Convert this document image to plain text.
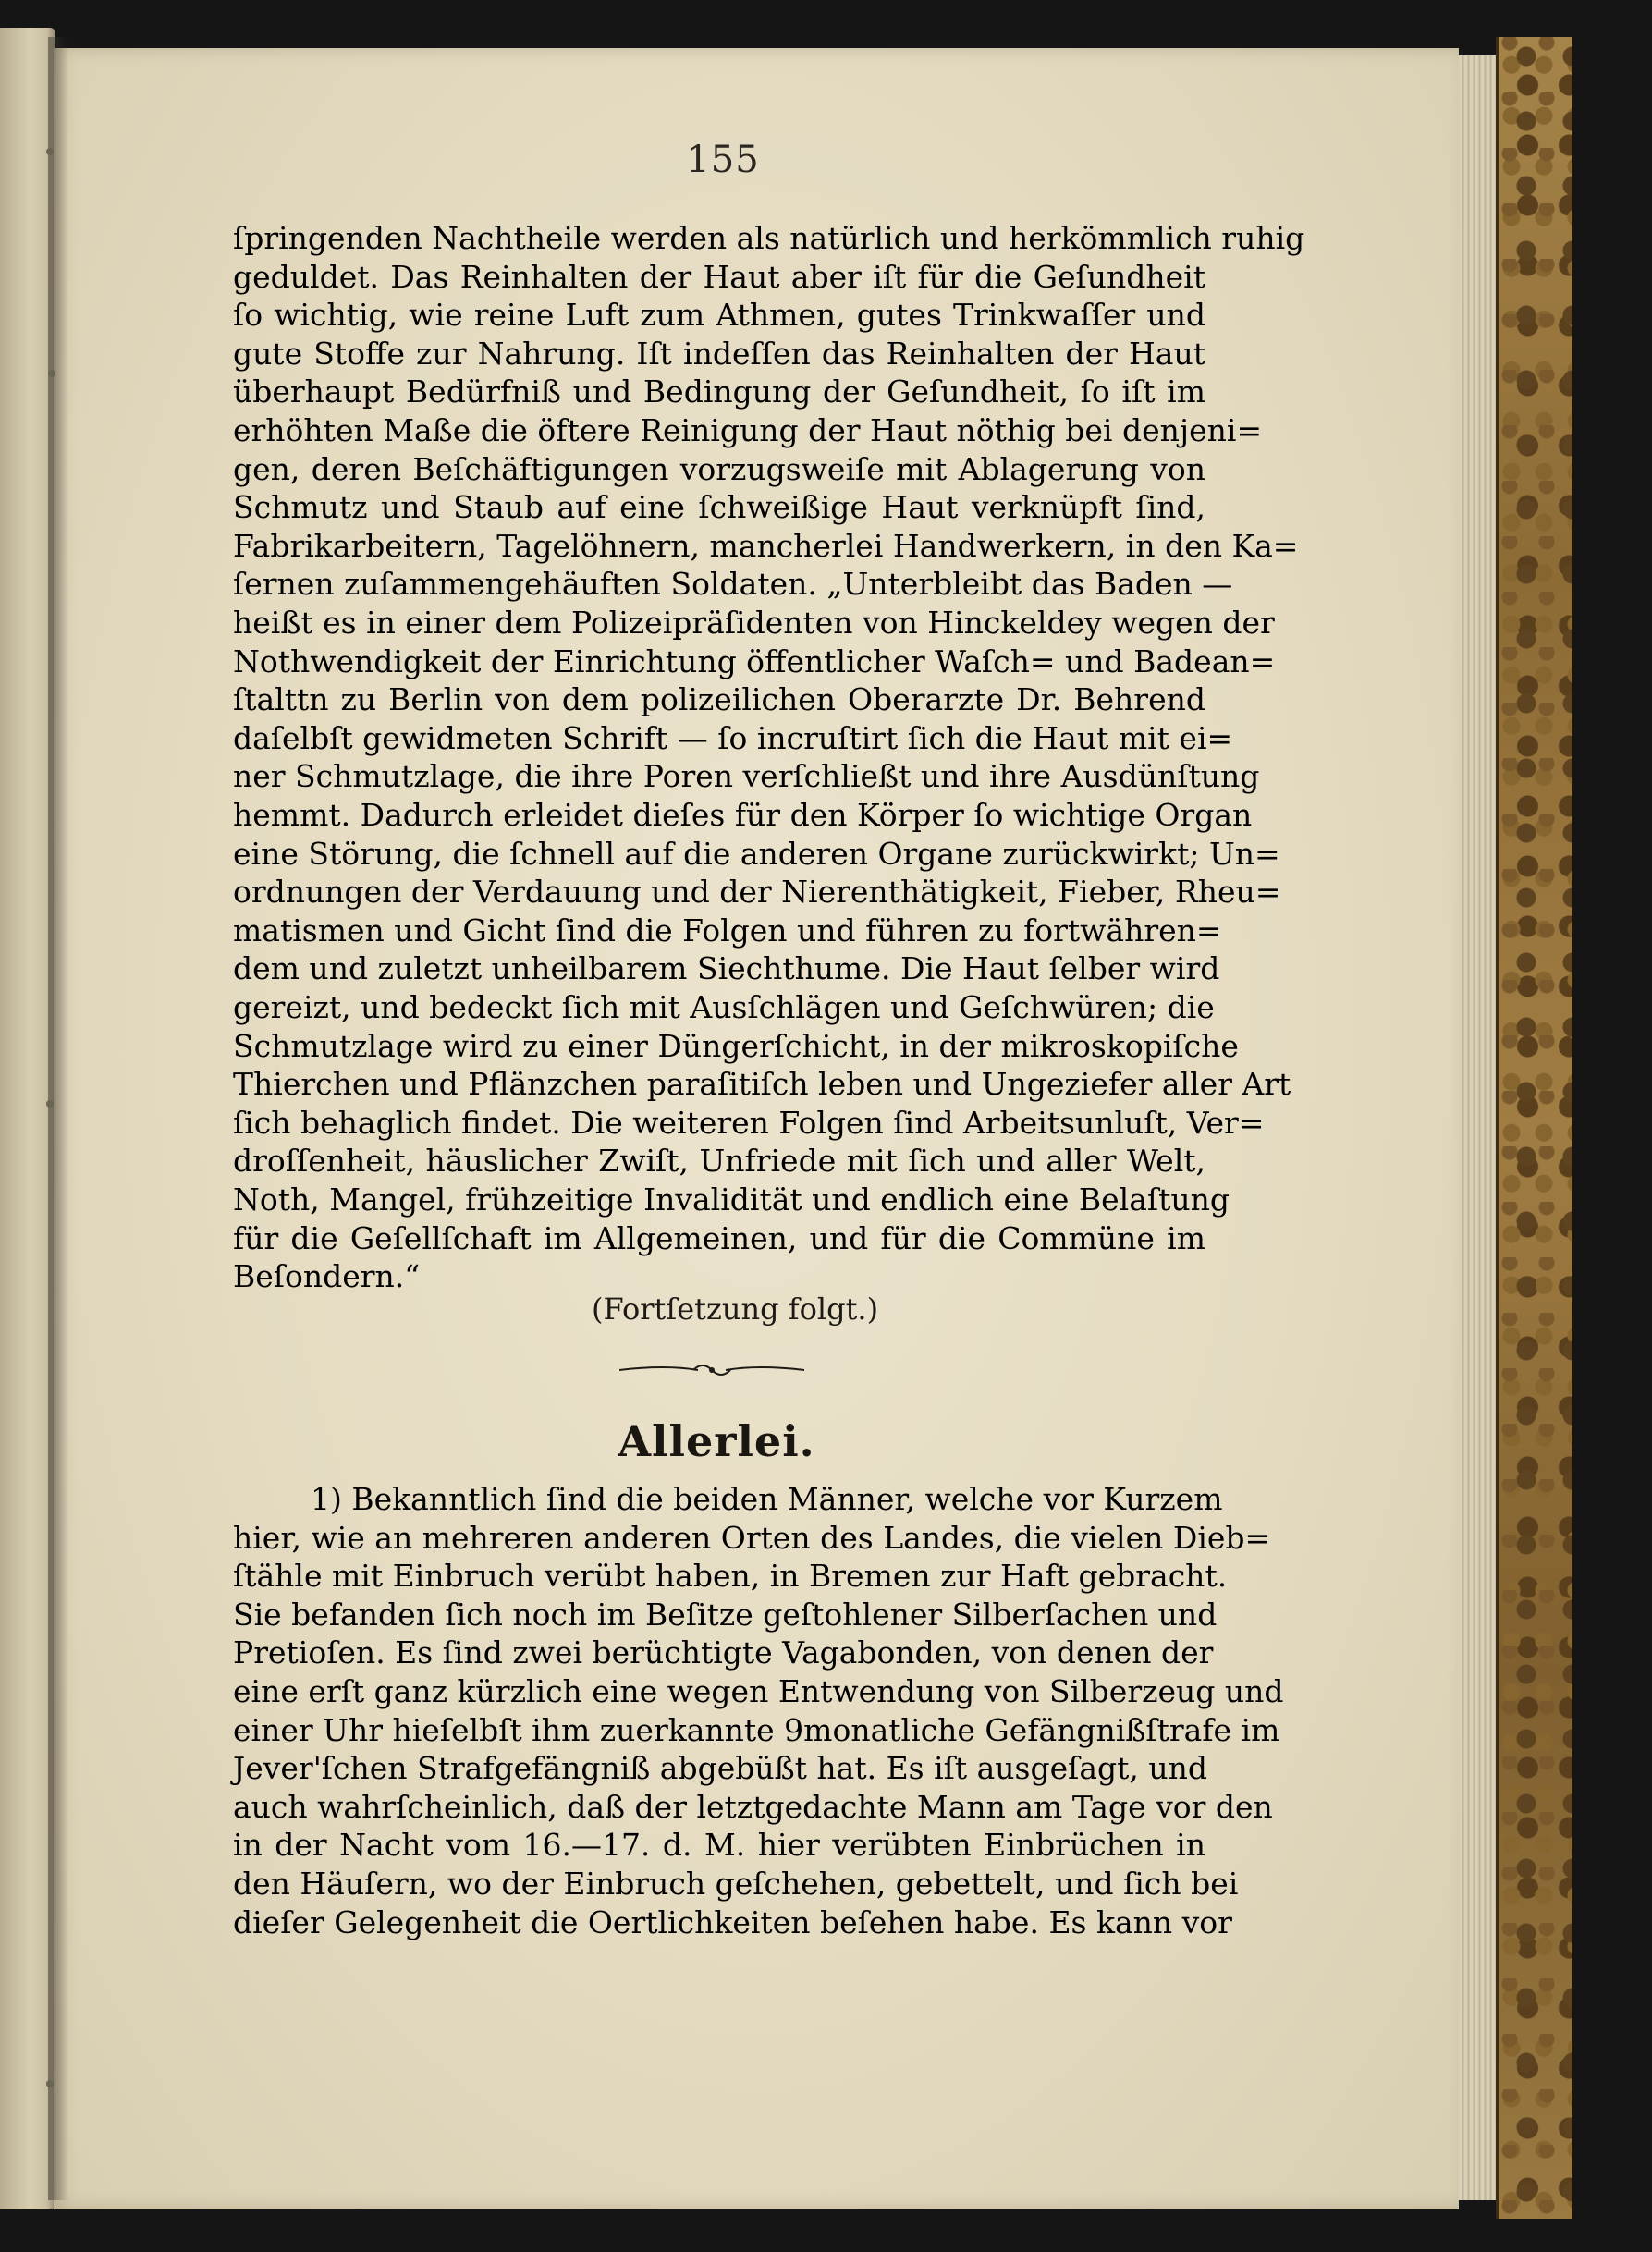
155
ſpringenden Nachtheile werden als natürlich und herkömmlich ruhig
geduldet. Das Reinhalten der Haut aber iſt für die Geſundheit
ſo wichtig, wie reine Luft zum Athmen, gutes Trinkwaſſer und
gute Stoffe zur Nahrung. Iſt indeſſen das Reinhalten der Haut
überhaupt Bedürfniß und Bedingung der Geſundheit, ſo iſt im
erhöhten Maße die öftere Reinigung der Haut nöthig bei denjeni=
gen, deren Beſchäftigungen vorzugsweiſe mit Ablagerung von
Schmutz und Staub auf eine ſchweißige Haut verknüpft ſind,
Fabrikarbeitern, Tagelöhnern, mancherlei Handwerkern, in den Ka=
ſernen zuſammengehäuften Soldaten. „Unterbleibt das Baden —
heißt es in einer dem Polizeipräſidenten von Hinckeldey wegen der
Nothwendigkeit der Einrichtung öffentlicher Waſch= und Badean=
ſtalttn zu Berlin von dem polizeilichen Oberarzte Dr. Behrend
daſelbſt gewidmeten Schrift — ſo incruſtirt ſich die Haut mit ei=
ner Schmutzlage, die ihre Poren verſchließt und ihre Ausdünſtung
hemmt. Dadurch erleidet dieſes für den Körper ſo wichtige Organ
eine Störung, die ſchnell auf die anderen Organe zurückwirkt; Un=
ordnungen der Verdauung und der Nierenthätigkeit, Fieber, Rheu=
matismen und Gicht ſind die Folgen und führen zu fortwähren=
dem und zuletzt unheilbarem Siechthume. Die Haut ſelber wird
gereizt, und bedeckt ſich mit Ausſchlägen und Geſchwüren; die
Schmutzlage wird zu einer Düngerſchicht, in der mikroskopiſche
Thierchen und Pflänzchen paraſitiſch leben und Ungeziefer aller Art
ſich behaglich findet. Die weiteren Folgen ſind Arbeitsunluſt, Ver=
droſſenheit, häuslicher Zwiſt, Unfriede mit ſich und aller Welt,
Noth, Mangel, frühzeitige Invalidität und endlich eine Belaſtung
für die Geſellſchaft im Allgemeinen, und für die Commüne im
Beſondern.“
(Fortſetzung folgt.)
Allerlei.
1) Bekanntlich ſind die beiden Männer, welche vor Kurzem
hier, wie an mehreren anderen Orten des Landes, die vielen Dieb=
ſtähle mit Einbruch verübt haben, in Bremen zur Haft gebracht.
Sie befanden ſich noch im Beſitze geſtohlener Silberſachen und
Pretioſen. Es ſind zwei berüchtigte Vagabonden, von denen der
eine erſt ganz kürzlich eine wegen Entwendung von Silberzeug und
einer Uhr hieſelbſt ihm zuerkannte 9monatliche Gefängnißſtrafe im
Jever'ſchen Strafgefängniß abgebüßt hat. Es iſt ausgeſagt, und
auch wahrſcheinlich, daß der letztgedachte Mann am Tage vor den
in der Nacht vom 16.—17. d. M. hier verübten Einbrüchen in
den Häuſern, wo der Einbruch geſchehen, gebettelt, und ſich bei
dieſer Gelegenheit die Oertlichkeiten beſehen habe. Es kann vor
